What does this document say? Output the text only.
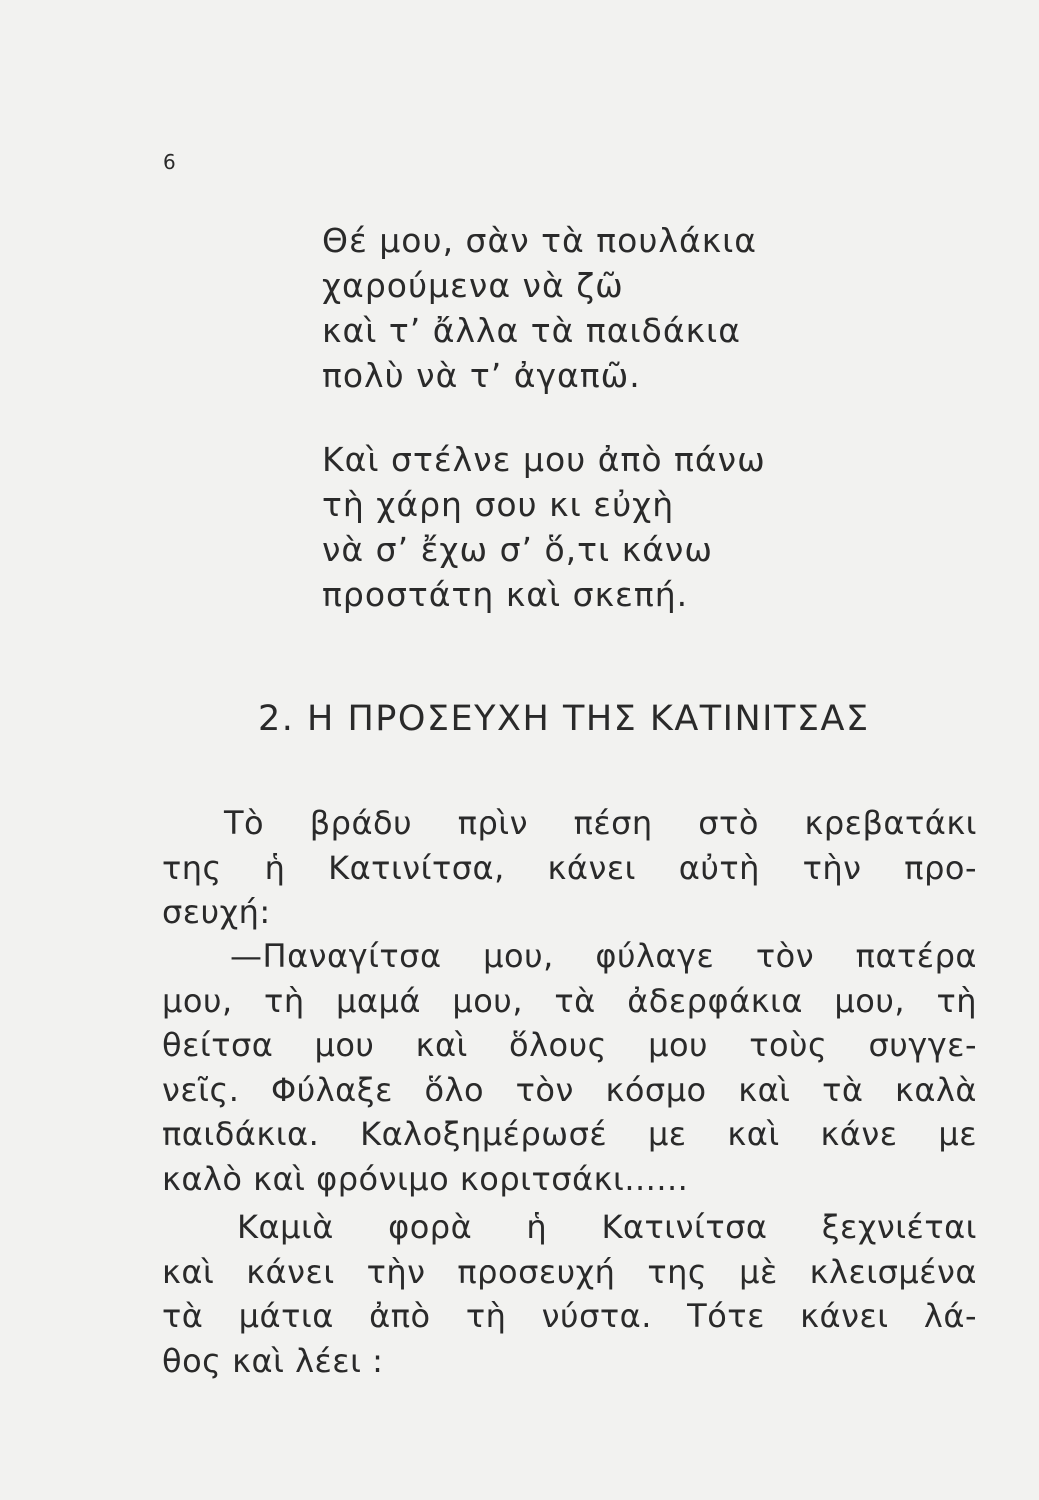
6
Θέ μου, σὰν τὰ πουλάκια
χαρούμενα νὰ ζῶ
καὶ τ’ ἄλλα τὰ παιδάκια
πολὺ νὰ τ’ ἀγαπῶ.
Καὶ στέλνε μου ἀπὸ πάνω
τὴ χάρη σου κι εὐχὴ
νὰ σ’ ἔχω σ’ ὅ,τι κάνω
προστάτη καὶ σκεπή.
2. Η ΠΡΟΣΕΥΧΗ ΤΗΣ ΚΑΤΙΝΙΤΣΑΣ
Τὸ βράδυ πρὶν πέση στὸ κρεβατάκι
της ἡ Κατινίτσα, κάνει αὐτὴ τὴν προ-
σευχή:
—Παναγίτσα μου, φύλαγε τὸν πατέρα
μου, τὴ μαμά μου, τὰ ἀδερφάκια μου, τὴ
θείτσα μου καὶ ὅλους μου τοὺς συγγε-
νεῖς. Φύλαξε ὅλο τὸν κόσμο καὶ τὰ καλὰ
παιδάκια. Καλοξημέρωσέ με καὶ κάνε με
καλὸ καὶ φρόνιμο κοριτσάκι......
Καμιὰ φορὰ ἡ Κατινίτσα ξεχνιέται
καὶ κάνει τὴν προσευχή της μὲ κλεισμένα
τὰ μάτια ἀπὸ τὴ νύστα. Τότε κάνει λά-
θος καὶ λέει :
